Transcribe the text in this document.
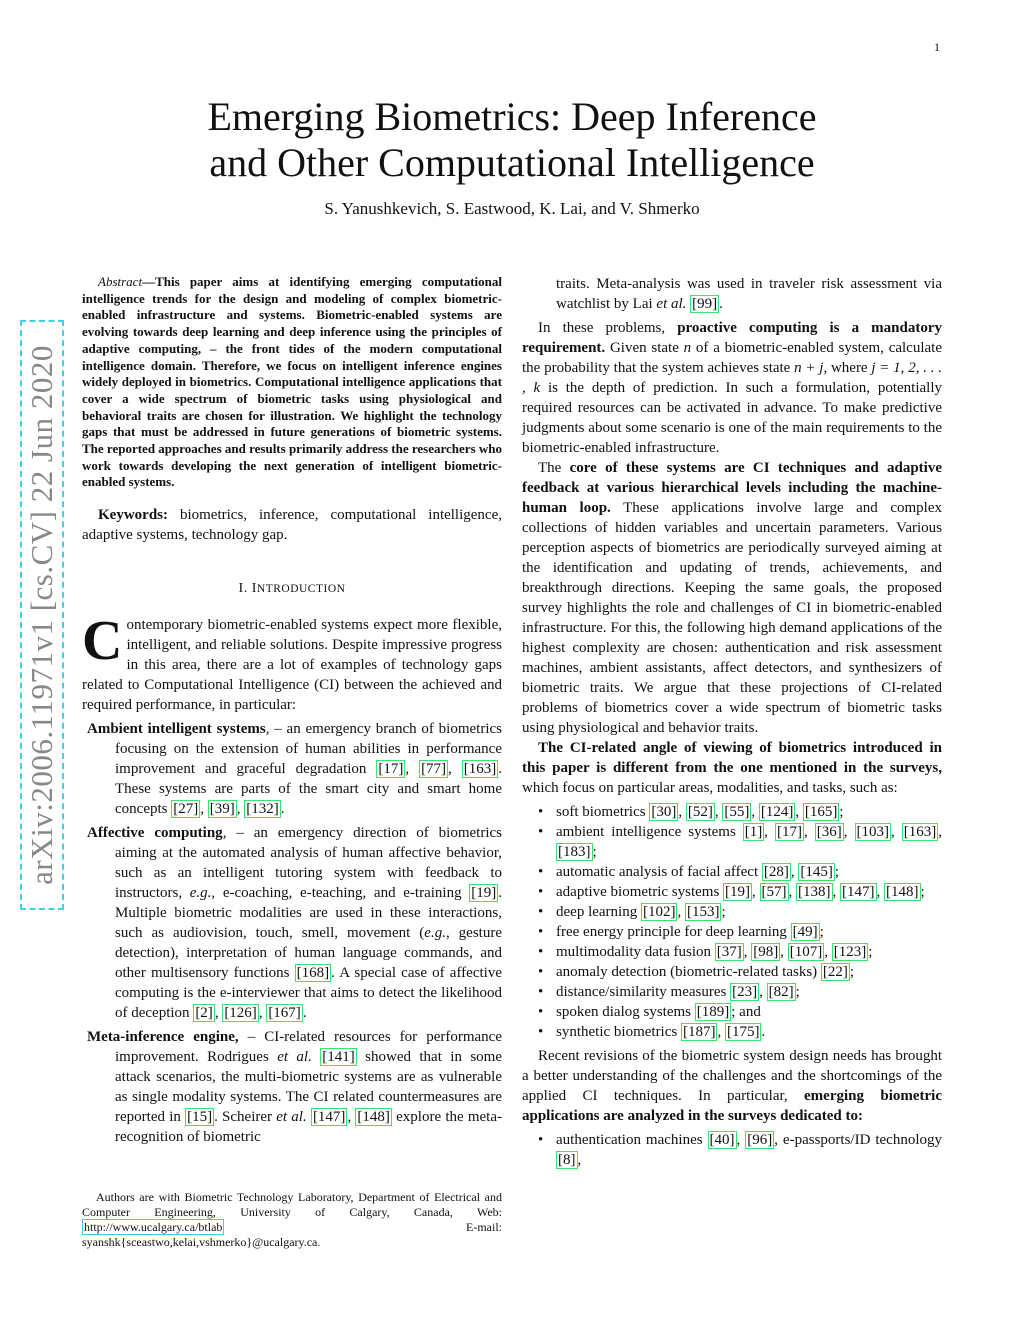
1
arXiv:2006.11971v1 [cs.CV] 22 Jun 2020
Emerging Biometrics: Deep Inference
and Other Computational Intelligence
S. Yanushkevich, S. Eastwood, K. Lai, and V. Shmerko

Abstract—This paper aims at identifying emerging computational intelligence trends for the design and modeling of complex biometric-enabled infrastructure and systems. Biometric-enabled systems are evolving towards deep learning and deep inference using the principles of adaptive computing, – the front tides of the modern computational intelligence domain. Therefore, we focus on intelligent inference engines widely deployed in biometrics. Computational intelligence applications that cover a wide spectrum of biometric tasks using physiological and behavioral traits are chosen for illustration. We highlight the technology gaps that must be addressed in future generations of biometric systems. The reported approaches and results primarily address the researchers who work towards developing the next generation of intelligent biometric-enabled systems.

Keywords: biometrics, inference, computational intelligence, adaptive systems, technology gap.

I. INTRODUCTION

Contemporary biometric-enabled systems expect more flexible, intelligent, and reliable solutions. Despite impressive progress in this area, there are a lot of examples of technology gaps related to Computational Intelligence (CI) between the achieved and required performance, in particular:

Ambient intelligent systems, – an emergency branch of biometrics focusing on the extension of human abilities in performance improvement and graceful degradation [17] , [77] , [163] . These systems are parts of the smart city and smart home concepts [27] , [39] , [132] .

Affective computing, – an emergency direction of biometrics aiming at the automated analysis of human affective behavior, such as an intelligent tutoring system with feedback to instructors, e.g., e-coaching, e-teaching, and e-training [19] . Multiple biometric modalities are used in these interactions, such as audiovision, touch, smell, movement (e.g., gesture detection), interpretation of human language commands, and other multisensory functions [168] . A special case of affective computing is the e-interviewer that aims to detect the likelihood of deception [2] , [126] , [167] .

Meta-inference engine, – CI-related resources for performance improvement. Rodrigues et al. [141] showed that in some attack scenarios, the multi-biometric systems are as vulnerable as single modality systems. The CI related countermeasures are reported in [15] . Scheirer et al. [147] , [148] explore the meta-recognition of biometric

Authors are with Biometric Technology Laboratory, Department of Electrical and Computer Engineering, University of Calgary, Canada, Web: http://www.ucalgary.ca/btlab E-mail: syanshk{sceastwo,kelai,vshmerko}@ucalgary.ca.

traits. Meta-analysis was used in traveler risk assessment via watchlist by Lai et al. [99] .

In these problems, proactive computing is a mandatory requirement. Given state n of a biometric-enabled system, calculate the probability that the system achieves state n + j, where j = 1, 2, . . . , k is the depth of prediction. In such a formulation, potentially required resources can be activated in advance. To make predictive judgments about some scenario is one of the main requirements to the biometric-enabled infrastructure.

The core of these systems are CI techniques and adaptive feedback at various hierarchical levels including the machine-human loop. These applications involve large and complex collections of hidden variables and uncertain parameters. Various perception aspects of biometrics are periodically surveyed aiming at the identification and updating of trends, achievements, and breakthrough directions. Keeping the same goals, the proposed survey highlights the role and challenges of CI in biometric-enabled infrastructure. For this, the following high demand applications of the highest complexity are chosen: authentication and risk assessment machines, ambient assistants, affect detectors, and synthesizers of biometric traits. We argue that these projections of CI-related problems of biometrics cover a wide spectrum of biometric tasks using physiological and behavior traits.

The CI-related angle of viewing of biometrics introduced in this paper is different from the one mentioned in the surveys, which focus on particular areas, modalities, and tasks, such as:

• soft biometrics [30] , [52] , [55] , [124] , [165] ;
• ambient intelligence systems [1] , [17] , [36] , [103] , [163] , [183] ;
• automatic analysis of facial affect [28] , [145] ;
• adaptive biometric systems [19] , [57] , [138] , [147] , [148] ;
• deep learning [102] , [153] ;
• free energy principle for deep learning [49] ;
• multimodality data fusion [37] , [98] , [107] , [123] ;
• anomaly detection (biometric-related tasks) [22] ;
• distance/similarity measures [23] , [82] ;
• spoken dialog systems [189] ; and
• synthetic biometrics [187] , [175] .

Recent revisions of the biometric system design needs has brought a better understanding of the challenges and the shortcomings of the applied CI techniques. In particular, emerging biometric applications are analyzed in the surveys dedicated to:

• authentication machines [40] , [96] , e-passports/ID technology [8] ,
